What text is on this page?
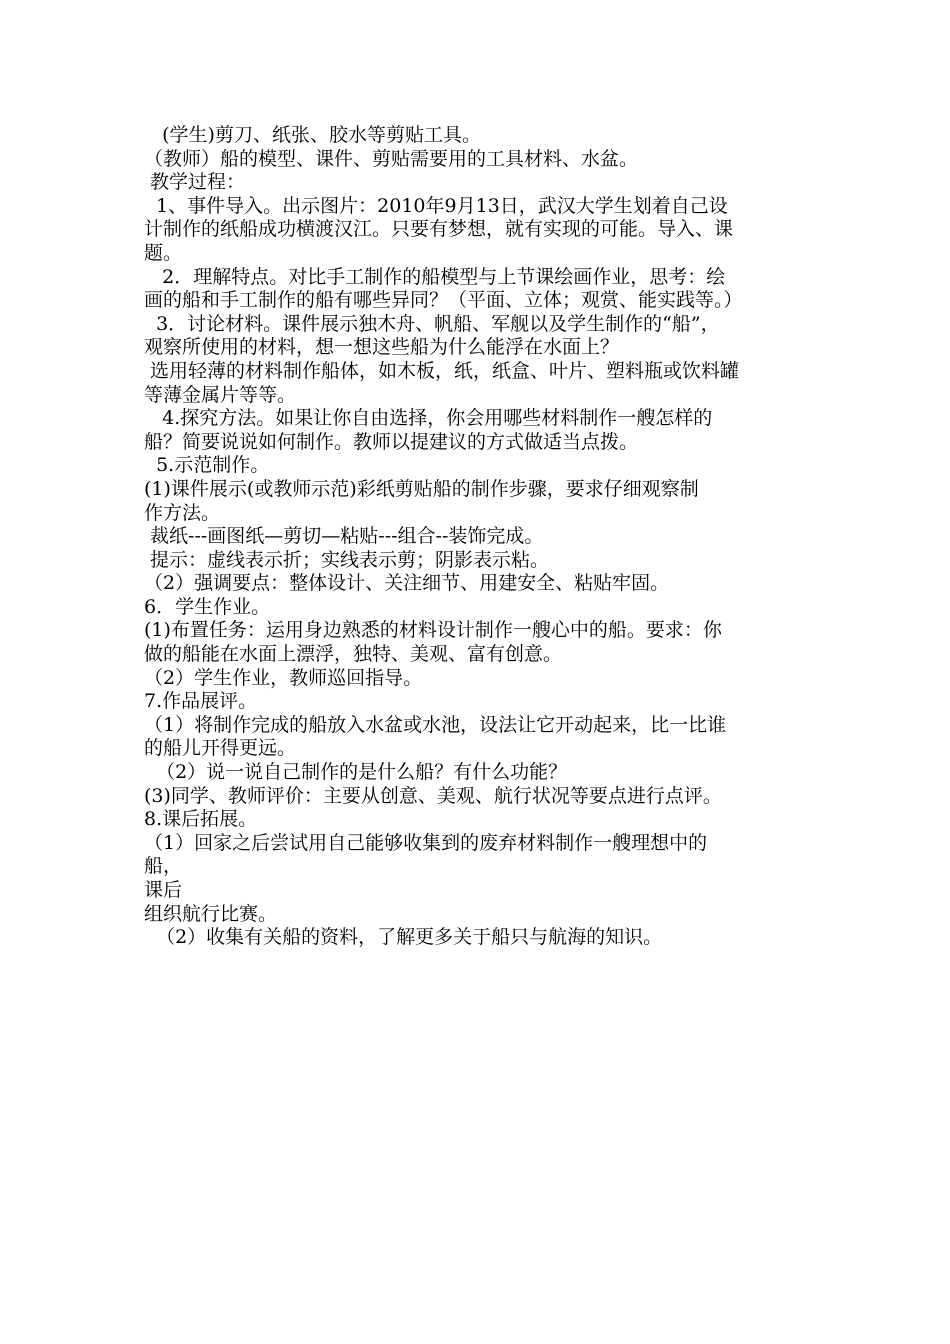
(学生)剪刀、纸张、胶水等剪贴工具。

（教师）船的模型、课件、剪贴需要用的工具材料、水盆。

教学过程：

1、事件导入。出示图片：2010年9月13日，武汉大学生划着自己设

计制作的纸船成功横渡汉江。只要有梦想，就有实现的可能。导入、课

题。

2．理解特点。对比手工制作的船模型与上节课绘画作业，思考：绘

画的船和手工制作的船有哪些异同？（平面、立体；观赏、能实践等。）

3．讨论材料。课件展示独木舟、帆船、军舰以及学生制作的“船”，

观察所使用的材料，想一想这些船为什么能浮在水面上？

选用轻薄的材料制作船体，如木板，纸，纸盒、叶片、塑料瓶或饮料罐

等薄金属片等等。

4.探究方法。如果让你自由选择，你会用哪些材料制作一艘怎样的

船？简要说说如何制作。教师以提建议的方式做适当点拨。

5.示范制作。

(1)课件展示(或教师示范)彩纸剪贴船的制作步骤，要求仔细观察制

作方法。

裁纸---画图纸—剪切—粘贴---组合--装饰完成。

提示：虚线表示折；实线表示剪；阴影表示粘。

（2）强调要点：整体设计、关注细节、用建安全、粘贴牢固。

6．学生作业。

(1)布置任务：运用身边熟悉的材料设计制作一艘心中的船。要求：你

做的船能在水面上漂浮，独特、美观、富有创意。

（2）学生作业，教师巡回指导。

7.作品展评。

（1）将制作完成的船放入水盆或水池，设法让它开动起来，比一比谁

的船儿开得更远。

（2）说一说自己制作的是什么船？有什么功能？

(3)同学、教师评价：主要从创意、美观、航行状况等要点进行点评。

8.课后拓展。

（1）回家之后尝试用自己能够收集到的废弃材料制作一艘理想中的

船，

课后

组织航行比赛。

（2）收集有关船的资料，了解更多关于船只与航海的知识。
